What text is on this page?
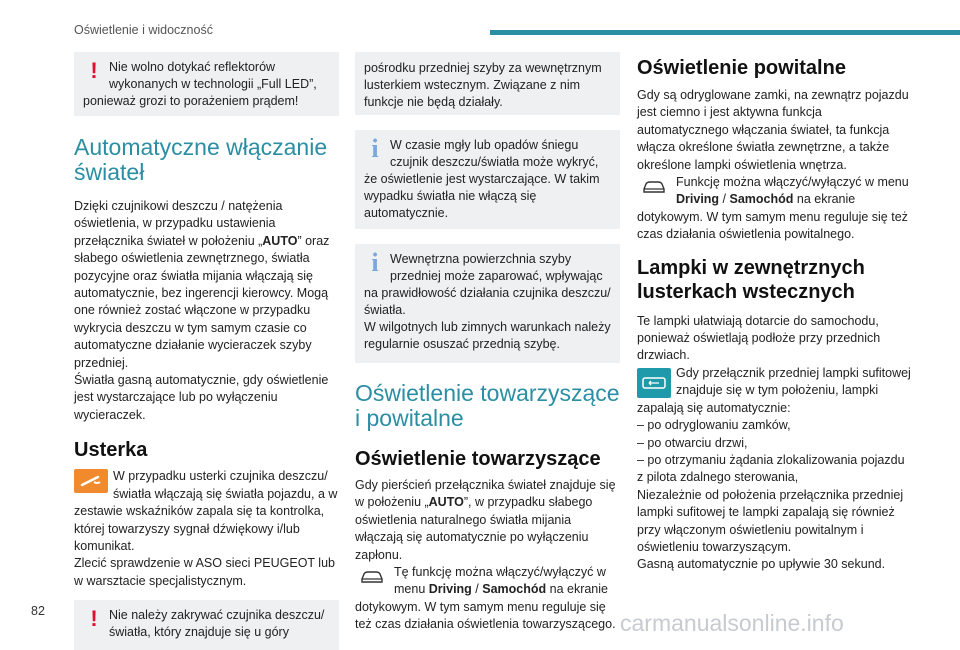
Oświetlenie i widoczność
! Nie wolno dotykać reflektorów wykonanych w technologii „Full LED”, ponieważ grozi to porażeniem prądem!
Automatyczne włączanie świateł

Dzięki czujnikowi deszczu / natężenia oświetlenia, w przypadku ustawienia przełącznika świateł w położeniu „AUTO” oraz słabego oświetlenia zewnętrznego, światła pozycyjne oraz światła mijania włączają się automatycznie, bez ingerencji kierowcy. Mogą one również zostać włączone w przypadku wykrycia deszczu w tym samym czasie co automatyczne działanie wycieraczek szyby przedniej.

Światła gasną automatycznie, gdy oświetlenie jest wystarczające lub po wyłączeniu wycieraczek.

Usterka

W przypadku usterki czujnika deszczu/ światła włączają się światła pojazdu, a w zestawie wskaźników zapala się ta kontrolka, której towarzyszy sygnał dźwiękowy i/lub komunikat.

Zlecić sprawdzenie w ASO sieci PEUGEOT lub w warsztacie specjalistycznym.

! Nie należy zakrywać czujnika deszczu/ światła, który znajduje się u góry
pośrodku przedniej szyby za wewnętrznym lusterkiem wstecznym. Związane z nim funkcje nie będą działały.
i W czasie mgły lub opadów śniegu czujnik deszczu/światła może wykryć, że oświetlenie jest wystarczające. W takim wypadku światła nie włączą się automatycznie.
i Wewnętrzna powierzchnia szyby przedniej może zaparować, wpływając na prawidłowość działania czujnika deszczu/ światła.
W wilgotnych lub zimnych warunkach należy regularnie osuszać przednią szybę.
Oświetlenie towarzyszące i powitalne
Oświetlenie towarzyszące

Gdy pierścień przełącznika świateł znajduje się w położeniu „AUTO”, w przypadku słabego oświetlenia naturalnego światła mijania włączają się automatycznie po wyłączeniu zapłonu.

Tę funkcję można włączyć/wyłączyć w menu Driving / Samochód na ekranie dotykowym. W tym samym menu reguluje się też czas działania oświetlenia towarzyszącego.

Oświetlenie powitalne

Gdy są odryglowane zamki, na zewnątrz pojazdu jest ciemno i jest aktywna funkcja automatycznego włączania świateł, ta funkcja włącza określone światła zewnętrzne, a także określone lampki oświetlenia wnętrza.

Funkcję można włączyć/wyłączyć w menu Driving / Samochód na ekranie dotykowym. W tym samym menu reguluje się też czas działania oświetlenia powitalnego.

Lampki w zewnętrznych lusterkach wstecznych

Te lampki ułatwiają dotarcie do samochodu, ponieważ oświetlają podłoże przy przednich drzwiach.

Gdy przełącznik przedniej lampki sufitowej znajduje się w tym położeniu, lampki zapalają się automatycznie:

– po odryglowaniu zamków,

– po otwarciu drzwi,

– po otrzymaniu żądania zlokalizowania pojazdu z pilota zdalnego sterowania,

Niezależnie od położenia przełącznika przedniej lampki sufitowej te lampki zapalają się również przy włączonym oświetleniu powitalnym i oświetleniu towarzyszącym.

Gasną automatycznie po upływie 30 sekund.

82	carmanualsonline.info
